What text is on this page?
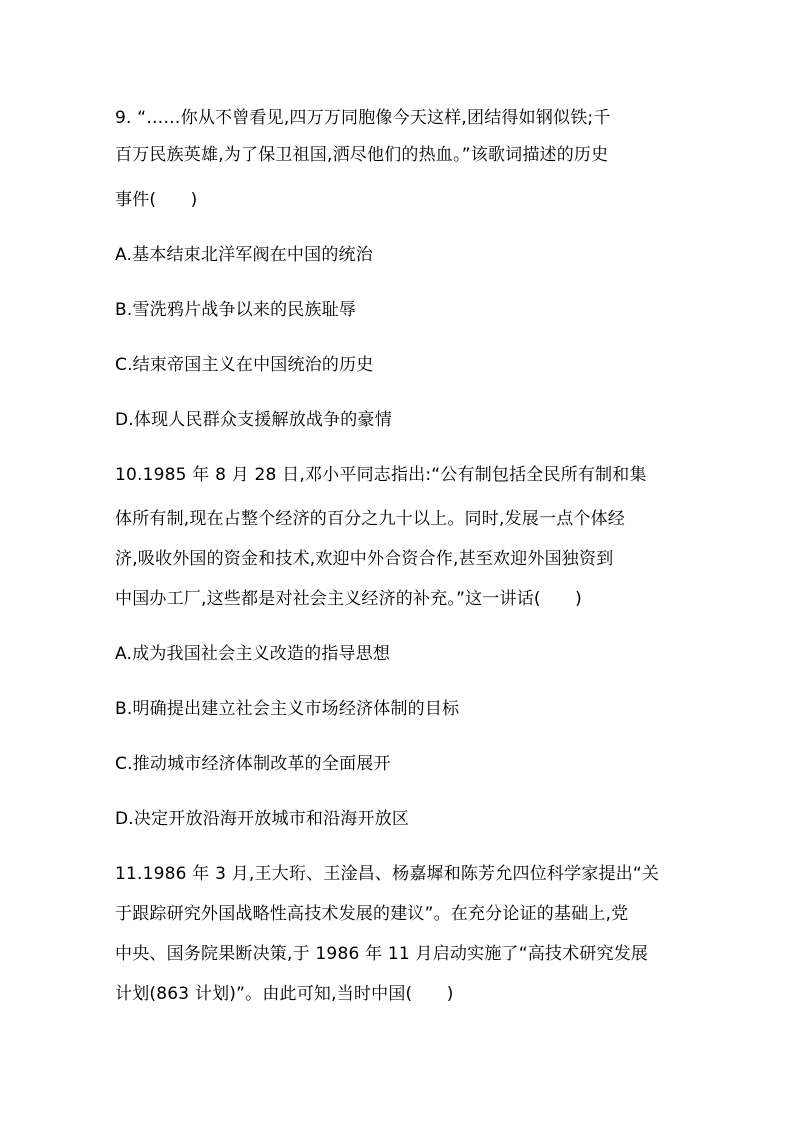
9. “……你从不曾看见,四万万同胞像今天这样,团结得如钢似铁;千
百万民族英雄,为了保卫祖国,洒尽他们的热血。”该歌词描述的历史
事件(　　)
A.基本结束北洋军阀在中国的统治
B.雪洗鸦片战争以来的民族耻辱
C.结束帝国主义在中国统治的历史
D.体现人民群众支援解放战争的豪情
10.1985 年 8 月 28 日,邓小平同志指出:“公有制包括全民所有制和集
体所有制,现在占整个经济的百分之九十以上。同时,发展一点个体经
济,吸收外国的资金和技术,欢迎中外合资合作,甚至欢迎外国独资到
中国办工厂,这些都是对社会主义经济的补充。”这一讲话(　　)
A.成为我国社会主义改造的指导思想
B.明确提出建立社会主义市场经济体制的目标
C.推动城市经济体制改革的全面展开
D.决定开放沿海开放城市和沿海开放区
11.1986 年 3 月,王大珩、王淦昌、杨嘉墀和陈芳允四位科学家提出“关
于跟踪研究外国战略性高技术发展的建议”。在充分论证的基础上,党
中央、国务院果断决策,于 1986 年 11 月启动实施了“高技术研究发展
计划(863 计划)”。由此可知,当时中国(　　)
